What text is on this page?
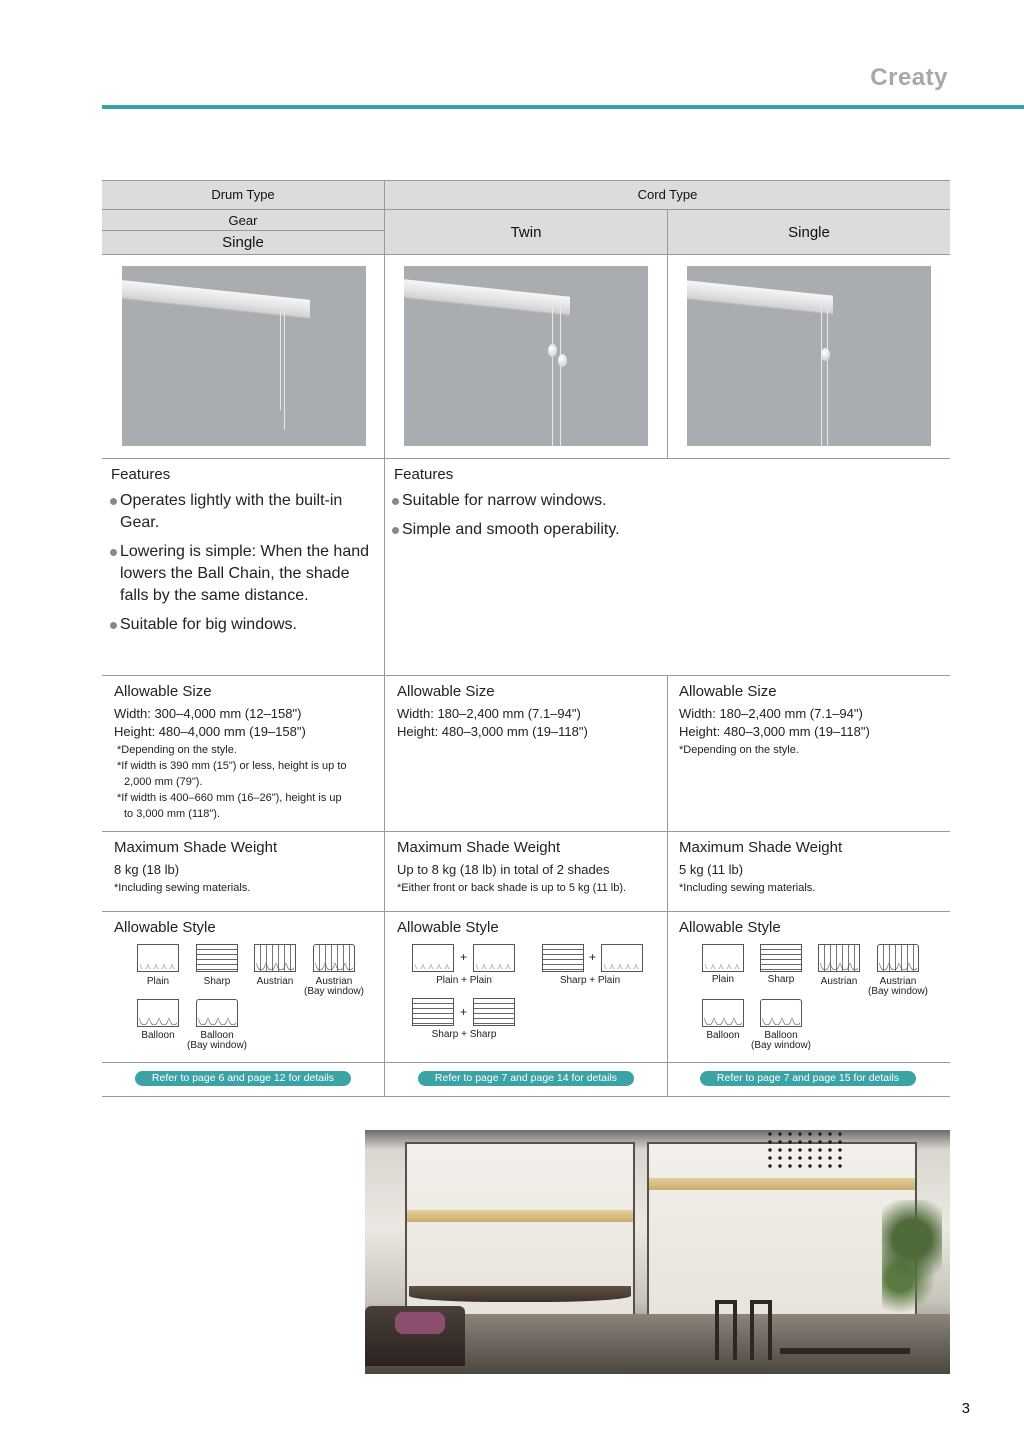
Creaty
Drum Type	Cord Type
Gear
Single
Twin	Single
Features
Operates lightly with the built-in Gear.
Lowering is simple: When the hand lowers the Ball Chain, the shade falls by the same distance.
Suitable for big windows.
Features
Suitable for narrow windows.
Simple and smooth operability.
Allowable Size
Width: 300–4,000 mm (12–158")
Height: 480–4,000 mm (19–158")
*Depending on the style.
*If width is 390 mm (15") or less, height is up to
2,000 mm (79").
*If width is 400–660 mm (16–26"), height is up
to 3,000 mm (118").
Allowable Size
Width: 180–2,400 mm (7.1–94")
Height: 480–3,000 mm (19–118")
Allowable Size
Width: 180–2,400 mm (7.1–94")
Height: 480–3,000 mm (19–118")
*Depending on the style.
Maximum Shade Weight
8 kg (18 lb)
*Including sewing materials.
Maximum Shade Weight
Up to 8 kg (18 lb) in total of 2 shades
*Either front or back shade is up to 5 kg (11 lb).
Maximum Shade Weight
5 kg (11 lb)
*Including sewing materials.
Allowable Style
Plain	Sharp	Austrian	Austrian
(Bay window)
Balloon	Balloon
(Bay window)
Allowable Style
+
Plain + Plain
+
Sharp + Plain
+
Sharp + Sharp
Allowable Style
Plain	Sharp	Austrian	Austrian
(Bay window)
Balloon	Balloon
(Bay window)
Refer to page 6 and page 12 for details	Refer to page 7 and page 14 for details	Refer to page 7 and page 15 for details
3
